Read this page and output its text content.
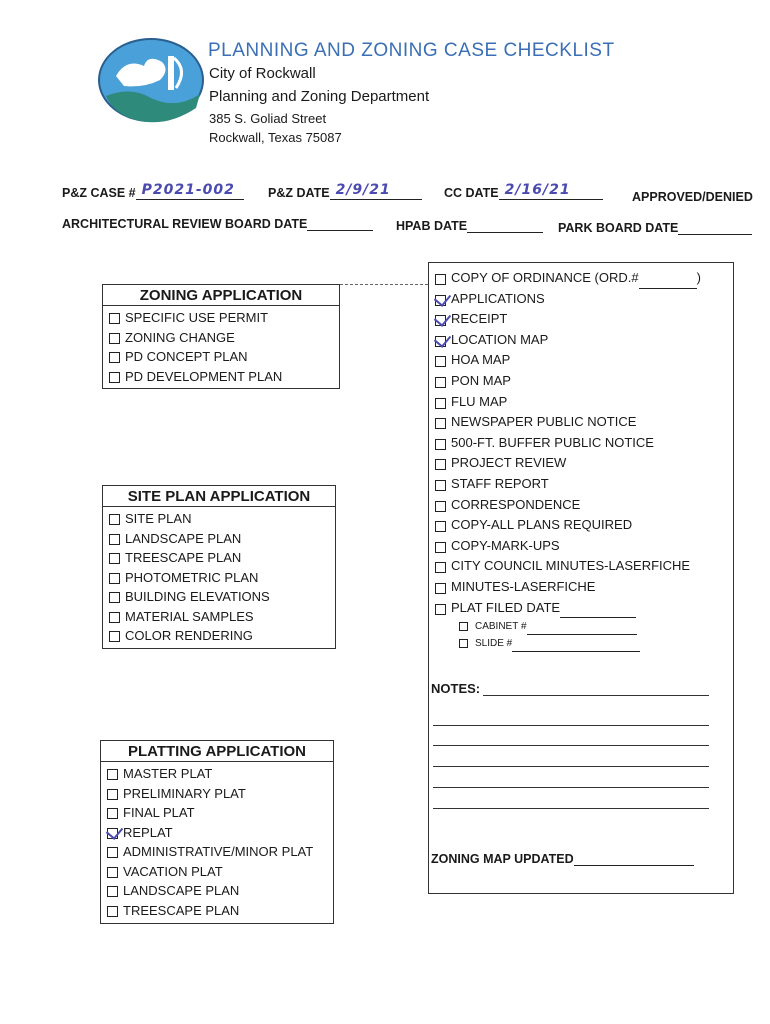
PLANNING AND ZONING CASE CHECKLIST
City of Rockwall
Planning and Zoning Department
385 S. Goliad Street
Rockwall, Texas 75087
P&Z CASE # P2021-002	P&Z DATE 2/9/21	CC DATE 2/16/21	APPROVED/DENIED
ARCHITECTURAL REVIEW BOARD DATE	HPAB DATE	PARK BOARD DATE
ZONING APPLICATION
SPECIFIC USE PERMIT
ZONING CHANGE
PD CONCEPT PLAN
PD DEVELOPMENT PLAN
SITE PLAN APPLICATION
SITE PLAN
LANDSCAPE PLAN
TREESCAPE PLAN
PHOTOMETRIC PLAN
BUILDING ELEVATIONS
MATERIAL SAMPLES
COLOR RENDERING
PLATTING APPLICATION
MASTER PLAT
PRELIMINARY PLAT
FINAL PLAT
REPLAT
ADMINISTRATIVE/MINOR PLAT
VACATION PLAT
LANDSCAPE PLAN
TREESCAPE PLAN
COPY OF ORDINANCE (ORD.#	)
APPLICATIONS
RECEIPT
LOCATION MAP
HOA MAP
PON MAP
FLU MAP
NEWSPAPER PUBLIC NOTICE
500-FT. BUFFER PUBLIC NOTICE
PROJECT REVIEW
STAFF REPORT
CORRESPONDENCE
COPY-ALL PLANS REQUIRED
COPY-MARK-UPS
CITY COUNCIL MINUTES-LASERFICHE
MINUTES-LASERFICHE
PLAT FILED DATE
CABINET #
SLIDE #
NOTES:
ZONING MAP UPDATED
